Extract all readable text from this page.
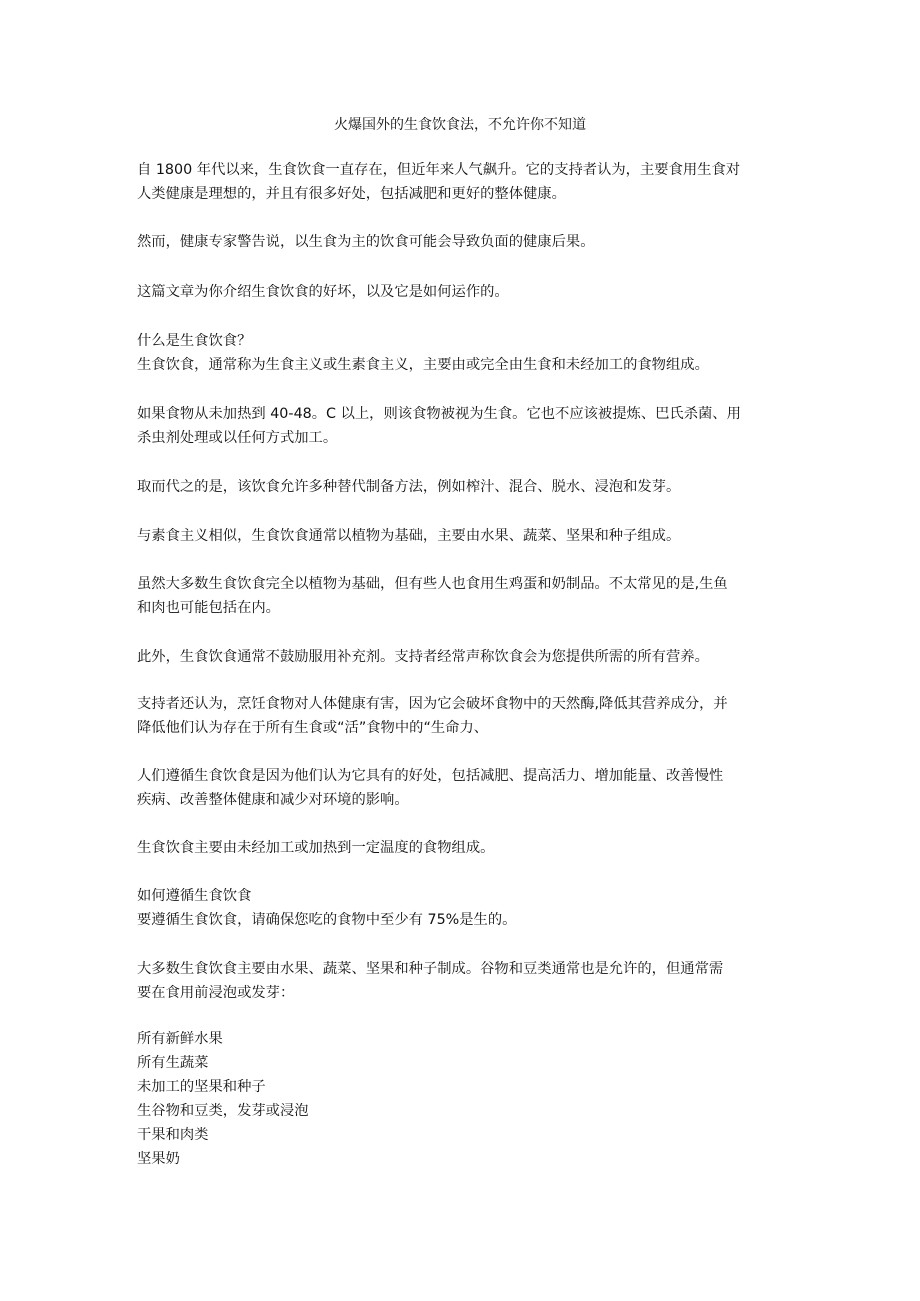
火爆国外的生食饮食法，不允许你不知道

自 1800 年代以来，生食饮食一直存在，但近年来人气飙升。它的支持者认为，主要食用生食对
人类健康是理想的，并且有很多好处，包括减肥和更好的整体健康。

然而，健康专家警告说，以生食为主的饮食可能会导致负面的健康后果。

这篇文章为你介绍生食饮食的好坏，以及它是如何运作的。

什么是生食饮食？
生食饮食，通常称为生食主义或生素食主义，主要由或完全由生食和未经加工的食物组成。

如果食物从未加热到 40-48。C 以上，则该食物被视为生食。它也不应该被提炼、巴氏杀菌、用
杀虫剂处理或以任何方式加工。

取而代之的是，该饮食允许多种替代制备方法，例如榨汁、混合、脱水、浸泡和发芽。

与素食主义相似，生食饮食通常以植物为基础，主要由水果、蔬菜、坚果和种子组成。

虽然大多数生食饮食完全以植物为基础，但有些人也食用生鸡蛋和奶制品。不太常见的是,生鱼
和肉也可能包括在内。

此外，生食饮食通常不鼓励服用补充剂。支持者经常声称饮食会为您提供所需的所有营养。

支持者还认为，烹饪食物对人体健康有害，因为它会破坏食物中的天然酶,降低其营养成分，并
降低他们认为存在于所有生食或“活”食物中的“生命力、

人们遵循生食饮食是因为他们认为它具有的好处，包括减肥、提高活力、增加能量、改善慢性
疾病、改善整体健康和减少对环境的影响。

生食饮食主要由未经加工或加热到一定温度的食物组成。

如何遵循生食饮食
要遵循生食饮食，请确保您吃的食物中至少有 75%是生的。

大多数生食饮食主要由水果、蔬菜、坚果和种子制成。谷物和豆类通常也是允许的，但通常需
要在食用前浸泡或发芽：

所有新鲜水果
所有生蔬菜
未加工的坚果和种子
生谷物和豆类，发芽或浸泡
干果和肉类
坚果奶
